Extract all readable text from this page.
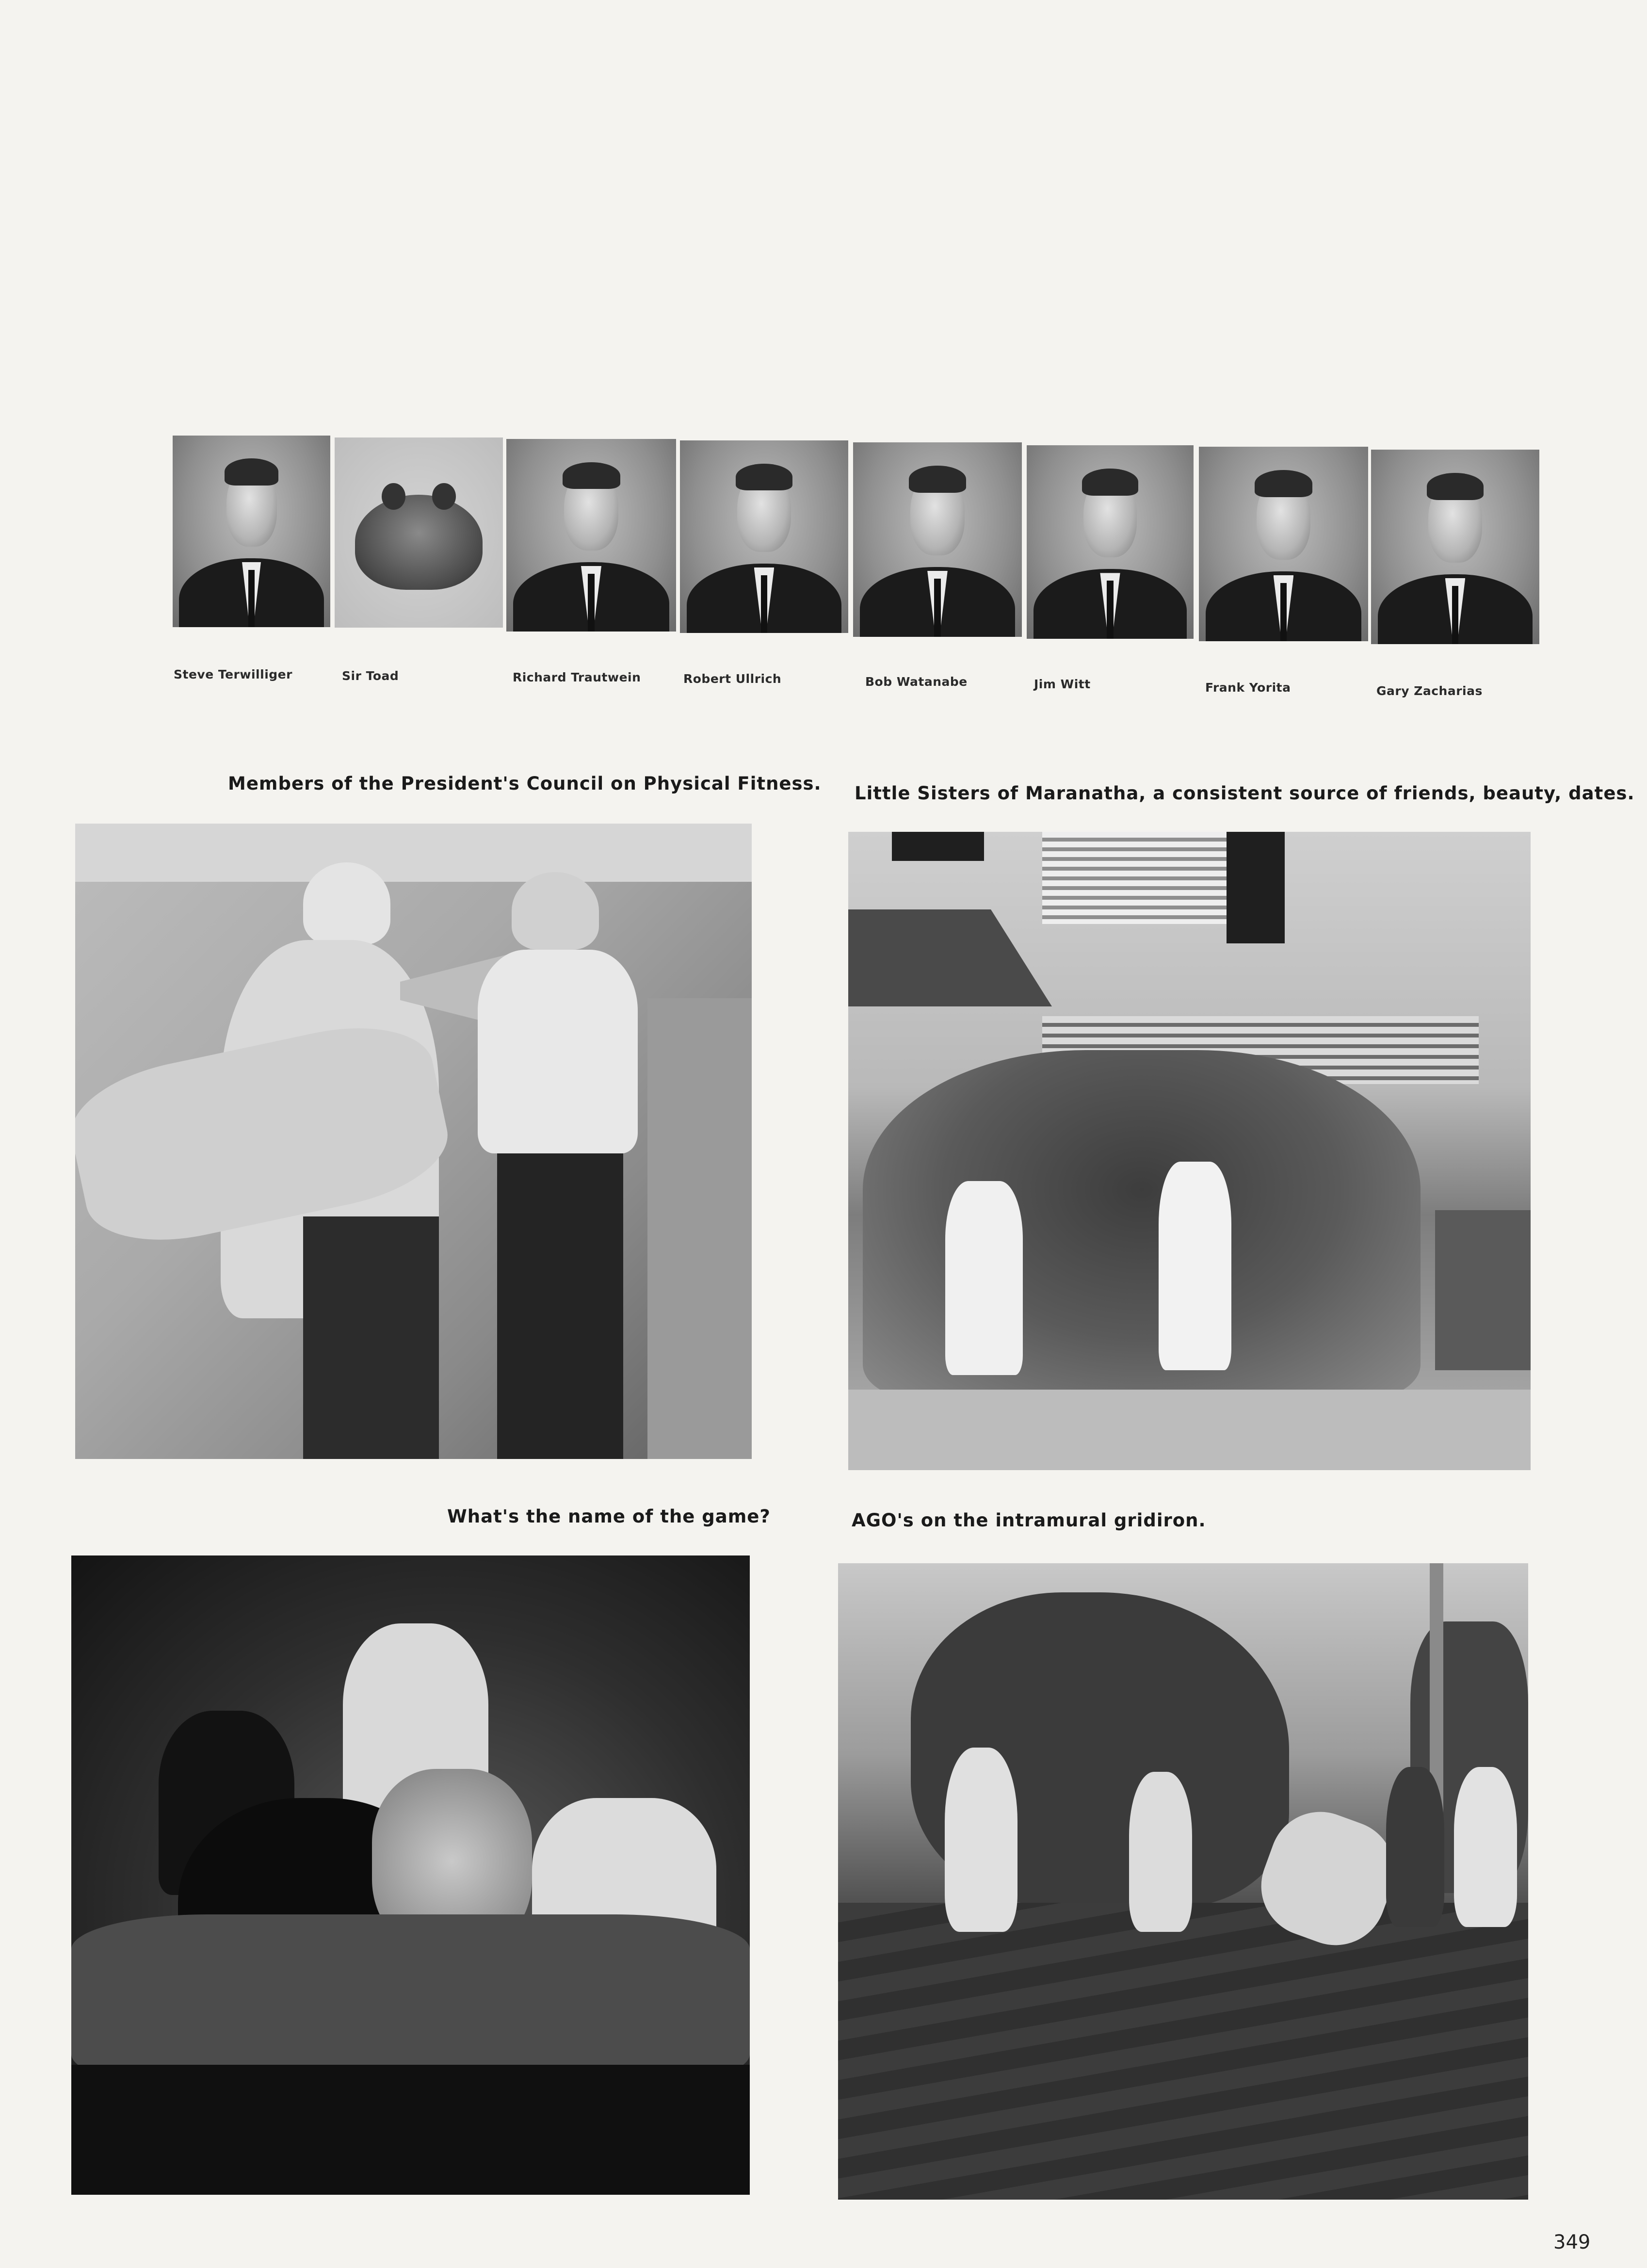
Steve Terwilliger	Sir Toad	Richard Trautwein	Robert Ullrich	Bob Watanabe	Jim Witt	Frank Yorita	Gary Zacharias
Members of the President's Council on Physical Fitness. Little Sisters of Maranatha, a consistent source of friends, beauty, dates.
What's the name of the game?	AGO's on the intramural gridiron.
349
